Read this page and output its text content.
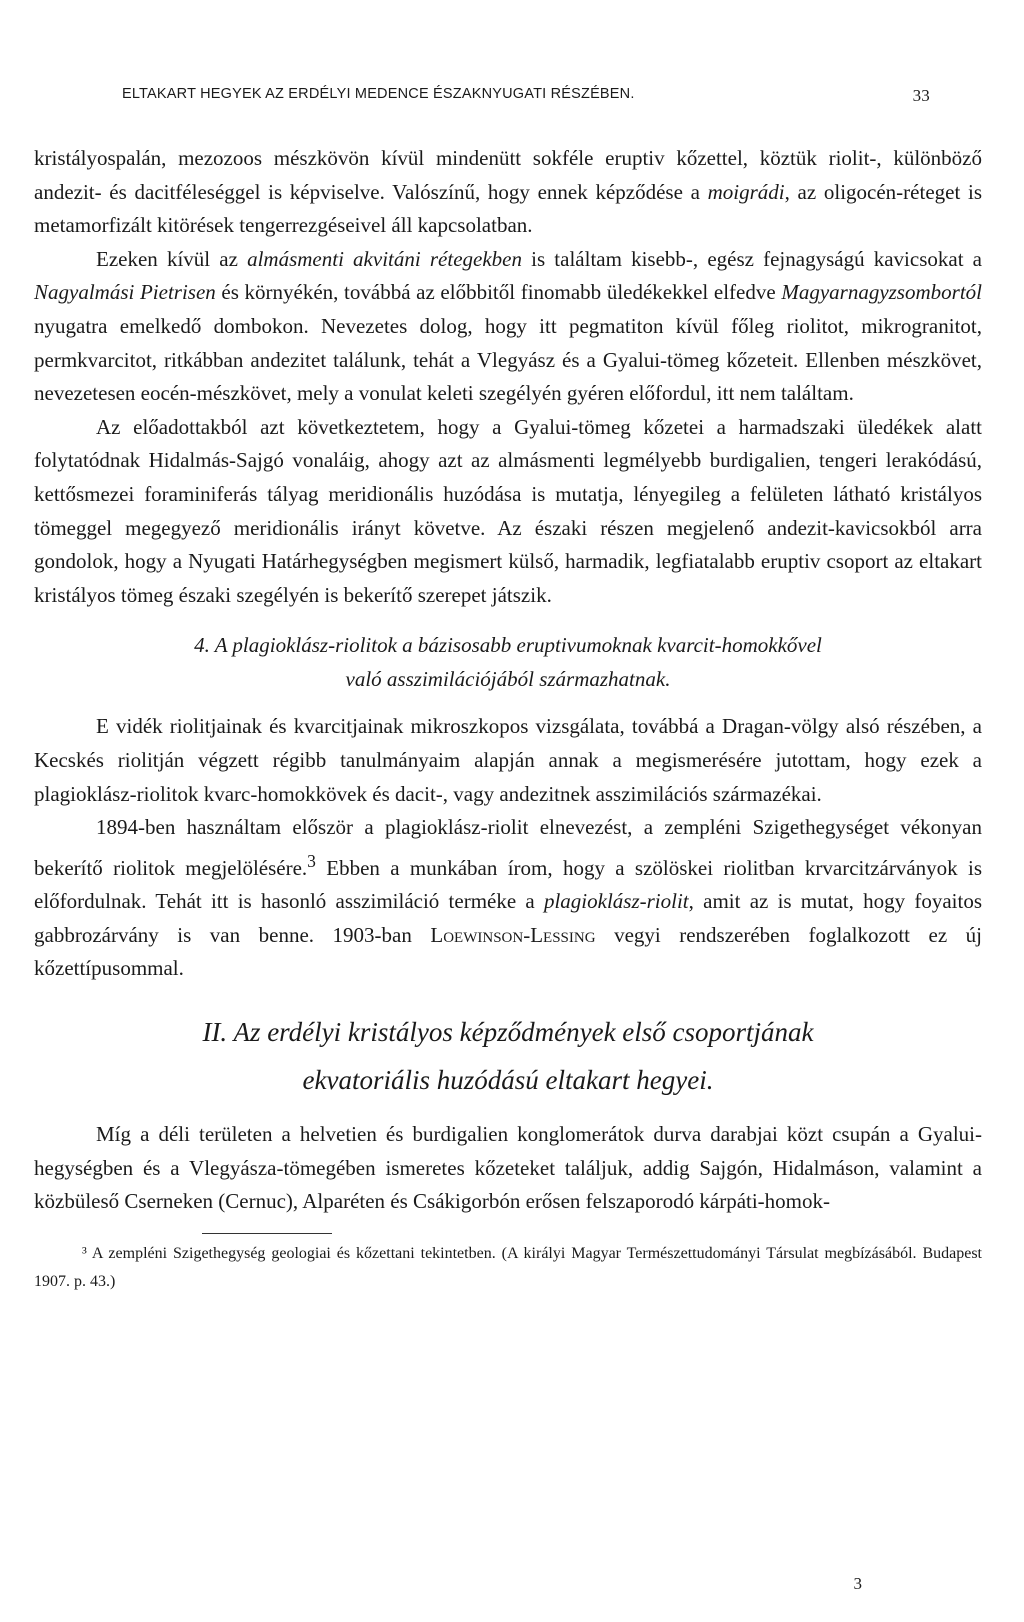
ELTAKART HEGYEK AZ ERDÉLYI MEDENCE ÉSZAKNYUGATI RÉSZÉBEN.	33

kristályospalán, mezozoos mészkövön kívül mindenütt sokféle eruptiv kőzettel, köztük riolit-, különböző andezit- és dacitféleséggel is képviselve. Valószínű, hogy ennek képződése a moigrádi, az oligocén-réteget is metamorfizált kitörések tengerrezgéseivel áll kapcsolatban.

Ezeken kívül az almásmenti akvitáni rétegekben is találtam kisebb-, egész fejnagyságú kavicsokat a Nagyalmási Pietrisen és környékén, továbbá az előbbitől finomabb üledékekkel elfedve Magyarnagyzsombortól nyugatra emelkedő dombokon. Nevezetes dolog, hogy itt pegmatiton kívül főleg riolitot, mikrogranitot, permkvarcitot, ritkábban andezitet találunk, tehát a Vlegyász és a Gyalui-tömeg kőzeteit. Ellenben mészkövet, nevezetesen eocén-mészkövet, mely a vonulat keleti szegélyén gyéren előfordul, itt nem találtam.

Az előadottakból azt következtetem, hogy a Gyalui-tömeg kőzetei a harmadszaki üledékek alatt folytatódnak Hidalmás-Sajgó vonaláig, ahogy azt az almásmenti legmélyebb burdigalien, tengeri lerakódású, kettősmezei foraminiferás tályag meridionális huzódása is mutatja, lényegileg a felületen látható kristályos tömeggel megegyező meridionális irányt követve. Az északi részen megjelenő andezit-kavicsokból arra gondolok, hogy a Nyugati Határhegységben megismert külső, harmadik, legfiatalabb eruptiv csoport az eltakart kristályos tömeg északi szegélyén is bekerítő szerepet játszik.

4. A plagioklász-riolitok a bázisosabb eruptivumoknak kvarcit-homokkővel
való asszimilációjából származhatnak.

E vidék riolitjainak és kvarcitjainak mikroszkopos vizsgálata, továbbá a Dragan-völgy alsó részében, a Kecskés riolitján végzett régibb tanulmányaim alapján annak a megismerésére jutottam, hogy ezek a plagioklász-riolitok kvarc-homokkövek és dacit-, vagy andezitnek asszimilációs származékai.

1894-ben használtam először a plagioklász-riolit elnevezést, a zempléni Szigethegységet vékonyan bekerítő riolitok megjelölésére.$^3$ Ebben a munkában írom, hogy a szölöskei riolitban krvarcitzárványok is előfordulnak. Tehát itt is hasonló asszimiláció terméke a plagioklász-riolit, amit az is mutat, hogy foyaitos gabbrozárvány is van benne. 1903-ban Loewinson-Lessing vegyi rendszerében foglalkozott ez új kőzettípusommal.

II. Az erdélyi kristályos képződmények első csoportjának
ekvatoriális huzódású eltakart hegyei.

Míg a déli területen a helvetien és burdigalien konglomerátok durva darabjai közt csupán a Gyalui-hegységben és a Vlegyásza-tömegében ismeretes kőzeteket találjuk, addig Sajgón, Hidalmáson, valamint a közbüleső Cserneken (Cernuc), Alparéten és Csákigorbón erősen felszaporodó kárpáti-homok-

³ A zempléni Szigethegység geologiai és kőzettani tekintetben. (A királyi Magyar Természettudományi Társulat megbízásából. Budapest 1907. p. 43.)

3
